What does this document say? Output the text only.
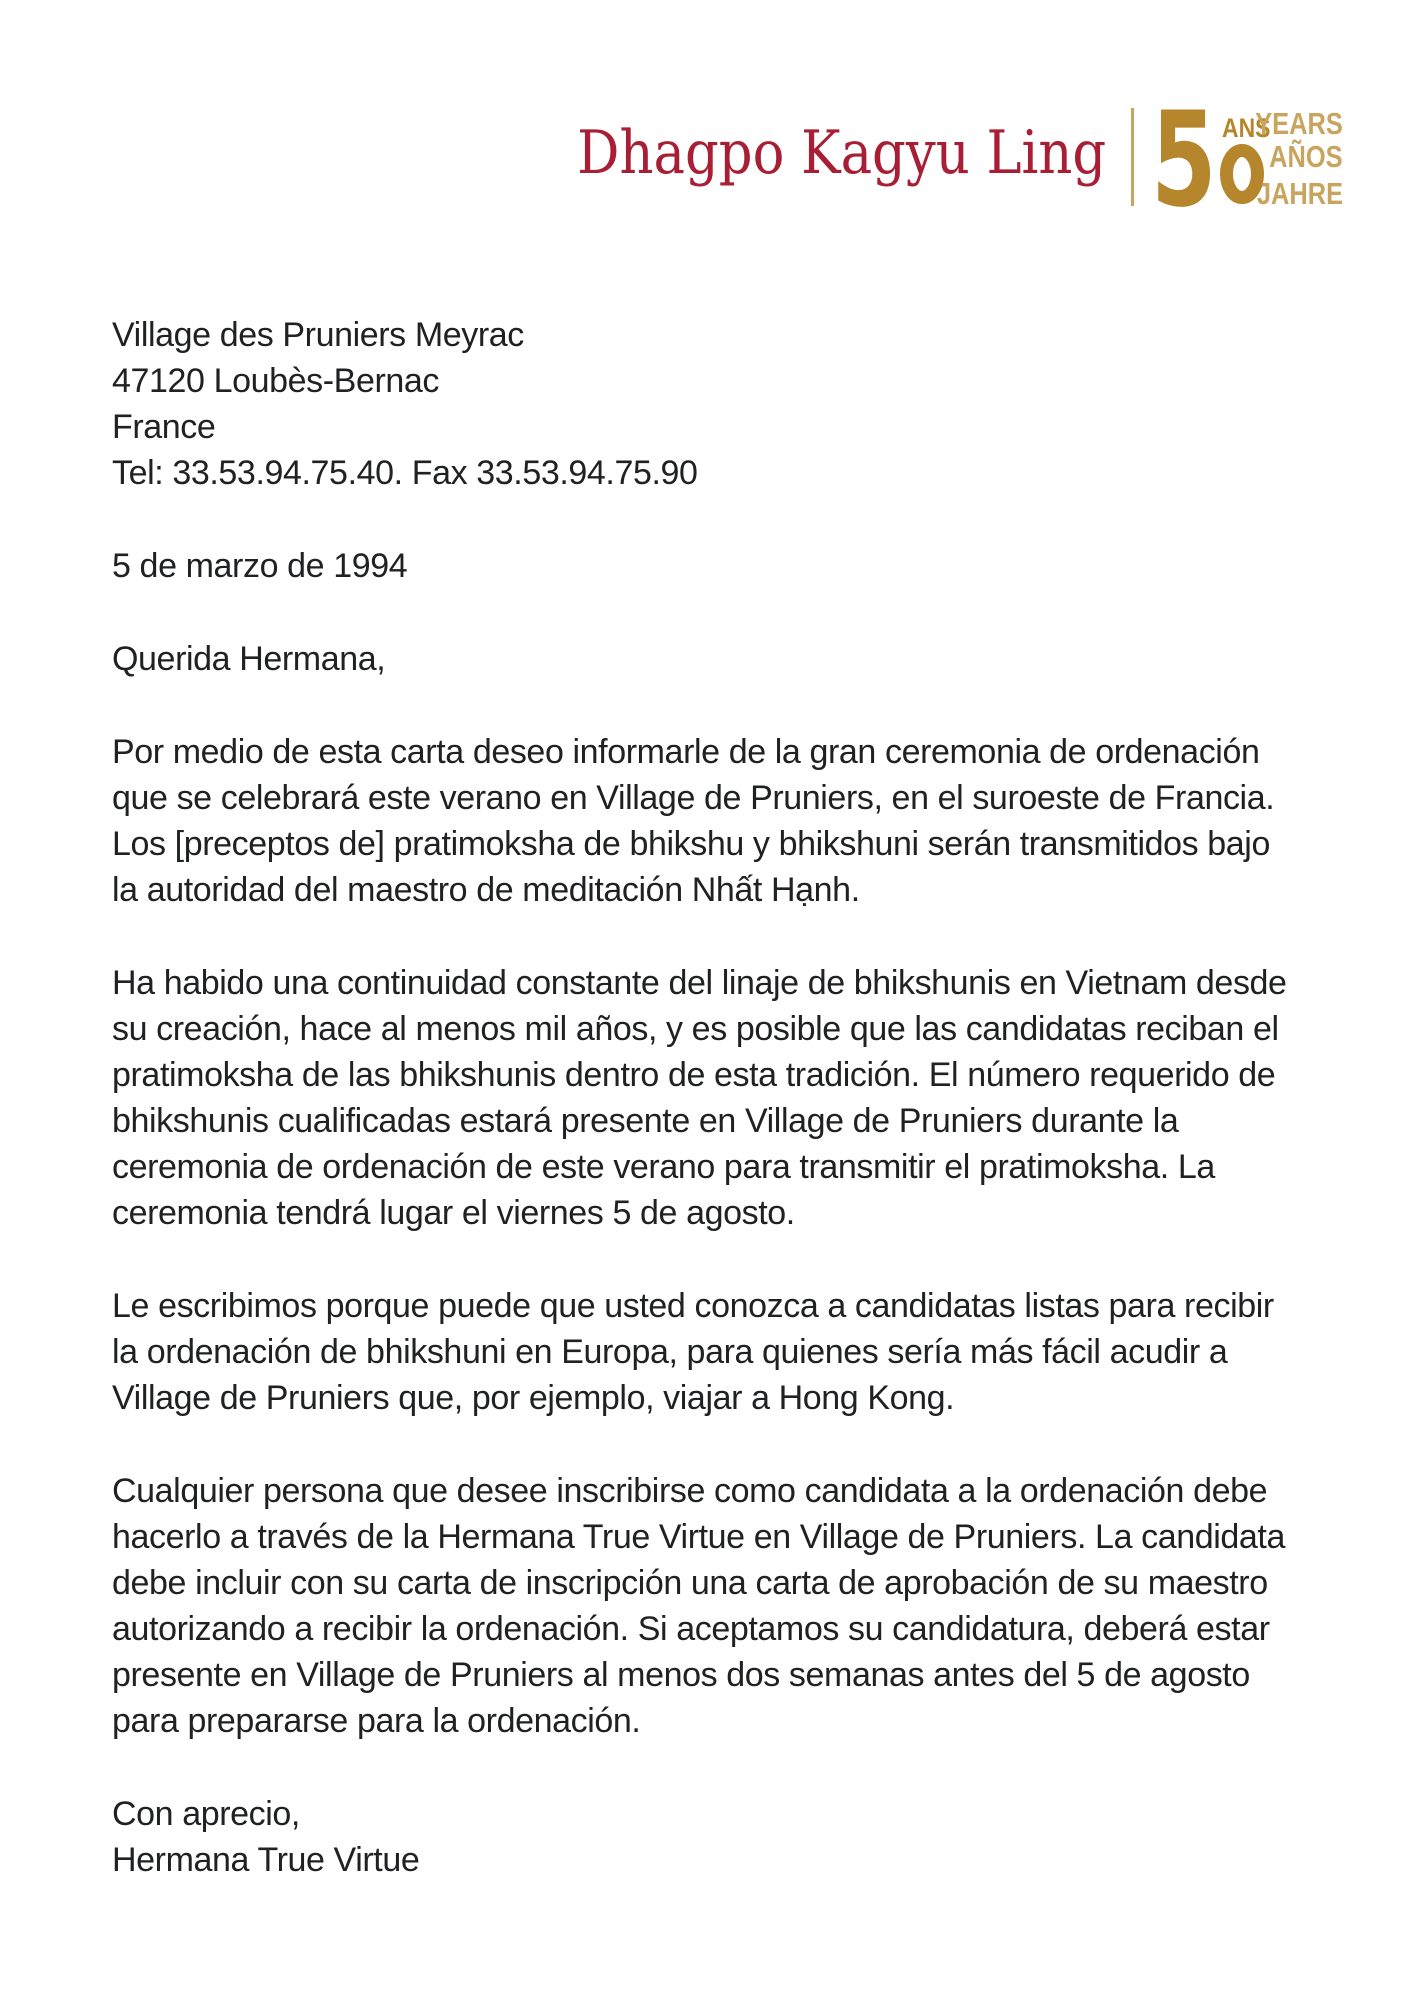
Dhagpo Kagyu Ling 5 ANS
YEARS
AÑOS
JAHRE
Village des Pruniers Meyrac
47120 Loubès-Bernac
France
Tel: 33.53.94.75.40. Fax 33.53.94.75.90
5 de marzo de 1994
Querida Hermana,
Por medio de esta carta deseo informarle de la gran ceremonia de ordenación
que se celebrará este verano en Village de Pruniers, en el suroeste de Francia.
Los [preceptos de] pratimoksha de bhikshu y bhikshuni serán transmitidos bajo
la autoridad del maestro de meditación Nhất Hạnh.
Ha habido una continuidad constante del linaje de bhikshunis en Vietnam desde
su creación, hace al menos mil años, y es posible que las candidatas reciban el
pratimoksha de las bhikshunis dentro de esta tradición. El número requerido de
bhikshunis cualificadas estará presente en Village de Pruniers durante la
ceremonia de ordenación de este verano para transmitir el pratimoksha. La
ceremonia tendrá lugar el viernes 5 de agosto.
Le escribimos porque puede que usted conozca a candidatas listas para recibir
la ordenación de bhikshuni en Europa, para quienes sería más fácil acudir a
Village de Pruniers que, por ejemplo, viajar a Hong Kong.
Cualquier persona que desee inscribirse como candidata a la ordenación debe
hacerlo a través de la Hermana True Virtue en Village de Pruniers. La candidata
debe incluir con su carta de inscripción una carta de aprobación de su maestro
autorizando a recibir la ordenación. Si aceptamos su candidatura, deberá estar
presente en Village de Pruniers al menos dos semanas antes del 5 de agosto
para prepararse para la ordenación.
Con aprecio,
Hermana True Virtue
